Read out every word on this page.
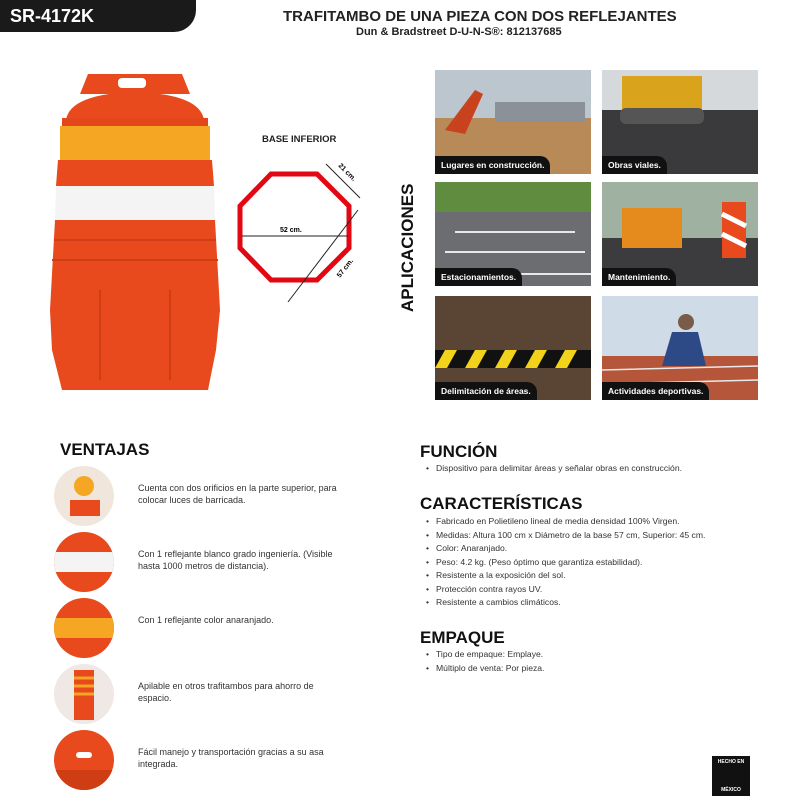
SR-4172K	TRAFITAMBO DE UNA PIEZA CON DOS REFLEJANTES
Dun & Bradstreet D-U-N-S®: 812137685
BASE INFERIOR
52 cm.
21 cm.
57 cm.	APLICACIONES
Lugares en construcción.	Obras viales.
Estacionamientos.	Mantenimiento.
Delimitación de áreas.	Actividades deportivas.
VENTAJAS
Cuenta con dos orificios en la parte superior, para colocar luces de barricada.
Con 1 reflejante blanco grado ingeniería. (Visible hasta 1000 metros de distancia).
Con 1 reflejante color anaranjado.
Apilable en otros trafitambos para ahorro de espacio.
Fácil manejo y transportación gracias a su asa integrada.
FUNCIÓN
• Dispositivo para delimitar áreas y señalar obras en construcción.
CARACTERÍSTICAS
• Fabricado en Polietileno lineal de media densidad 100% Virgen.
• Medidas: Altura 100 cm x Diámetro de la base 57 cm, Superior: 45 cm.
• Color: Anaranjado.
• Peso: 4.2 kg. (Peso óptimo que garantiza estabilidad).
• Resistente a la exposición del sol.
• Protección contra rayos UV.
• Resistente a cambios climáticos.
EMPAQUE
• Tipo de empaque: Emplaye.
• Múltiplo de venta: Por pieza.
HECHO EN
MÉXICO
